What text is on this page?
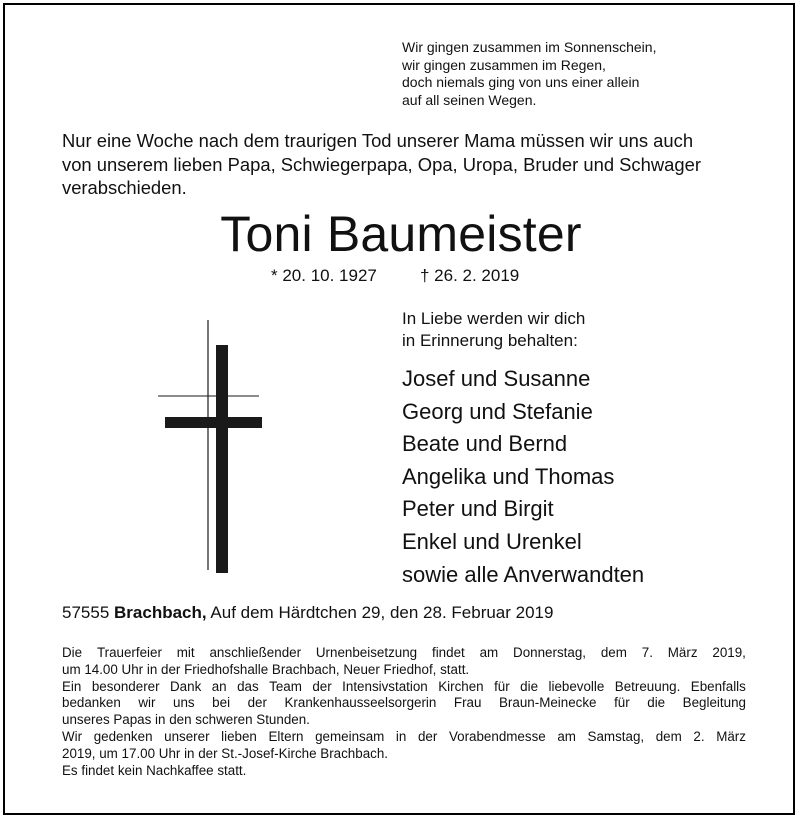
Wir gingen zusammen im Sonnenschein,
wir gingen zusammen im Regen,
doch niemals ging von uns einer allein
auf all seinen Wegen.
Nur eine Woche nach dem traurigen Tod unserer Mama müssen wir uns auch
von unserem lieben Papa, Schwiegerpapa, Opa, Uropa, Bruder und Schwager
verabschieden.
Toni Baumeister
* 20. 10. 1927	† 26. 2. 2019
In Liebe werden wir dich
in Erinnerung behalten:
Josef und Susanne
Georg und Stefanie
Beate und Bernd
Angelika und Thomas
Peter und Birgit
Enkel und Urenkel
sowie alle Anverwandten
57555 Brachbach, Auf dem Härdtchen 29, den 28. Februar 2019
Die Trauerfeier mit anschließender Urnenbeisetzung findet am Donnerstag, dem 7. März 2019,
um 14.00 Uhr in der Friedhofshalle Brachbach, Neuer Friedhof, statt.
Ein besonderer Dank an das Team der Intensivstation Kirchen für die liebevolle Betreuung. Ebenfalls
bedanken wir uns bei der Krankenhausseelsorgerin Frau Braun-Meinecke für die Begleitung
unseres Papas in den schweren Stunden.
Wir gedenken unserer lieben Eltern gemeinsam in der Vorabendmesse am Samstag, dem 2. März
2019, um 17.00 Uhr in der St.-Josef-Kirche Brachbach.
Es findet kein Nachkaffee statt.
